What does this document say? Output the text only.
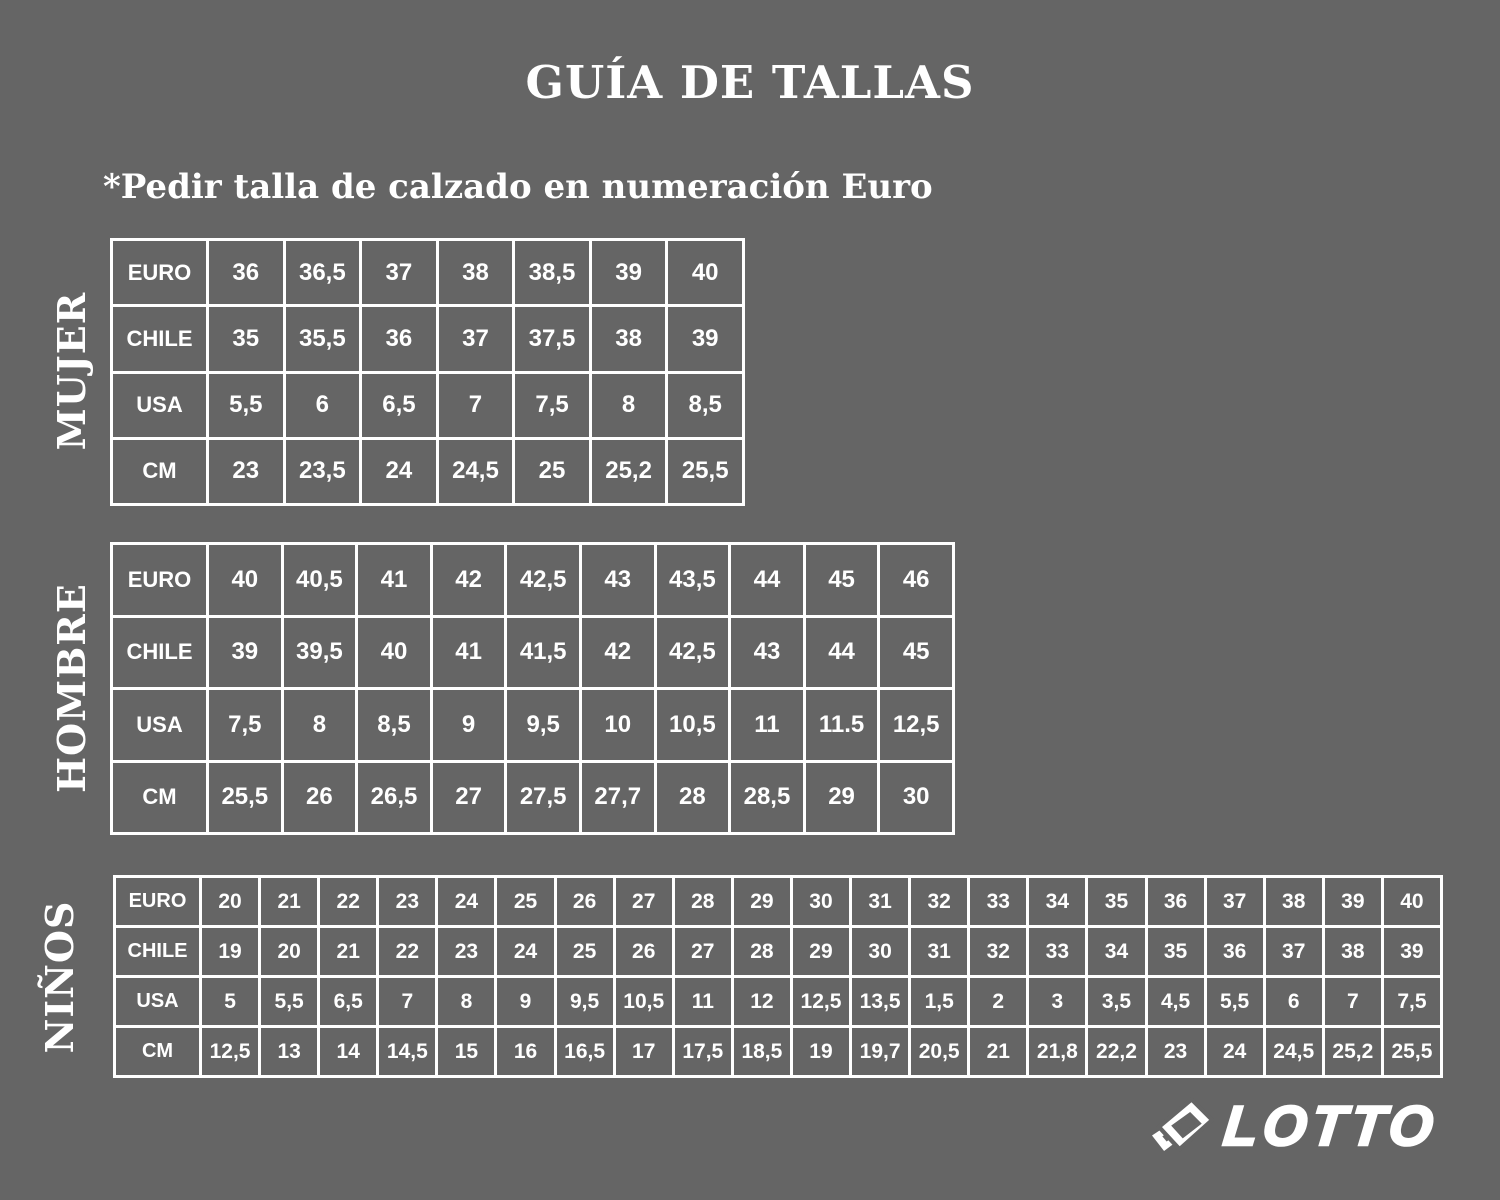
GUÍA DE TALLAS
*Pedir talla de calzado en numeración Euro
MUJER
EURO	36	36,5	37	38	38,5	39	40
CHILE	35	35,5	36	37	37,5	38	39
USA	5,5	6	6,5	7	7,5	8	8,5
CM	23	23,5	24	24,5	25	25,2	25,5
HOMBRE
EURO	40	40,5	41	42	42,5	43	43,5	44	45	46
CHILE	39	39,5	40	41	41,5	42	42,5	43	44	45
USA	7,5	8	8,5	9	9,5	10	10,5	11	11.5	12,5
CM	25,5	26	26,5	27	27,5	27,7	28	28,5	29	30
NIÑOS EURO	20	21	22	23	24	25	26	27	28	29	30	31	32	33	34	35	36	37	38	39	40
CHILE	19	20	21	22	23	24	25	26	27	28	29	30	31	32	33	34	35	36	37	38	39
USA	5	5,5	6,5	7	8	9	9,5	10,5	11	12	12,5	13,5	1,5	2	3	3,5	4,5	5,5	6	7	7,5
CM	12,5	13	14	14,5	15	16	16,5	17	17,5	18,5	19	19,7	20,5	21	21,8	22,2	23	24	24,5	25,2	25,5
LOTTO
